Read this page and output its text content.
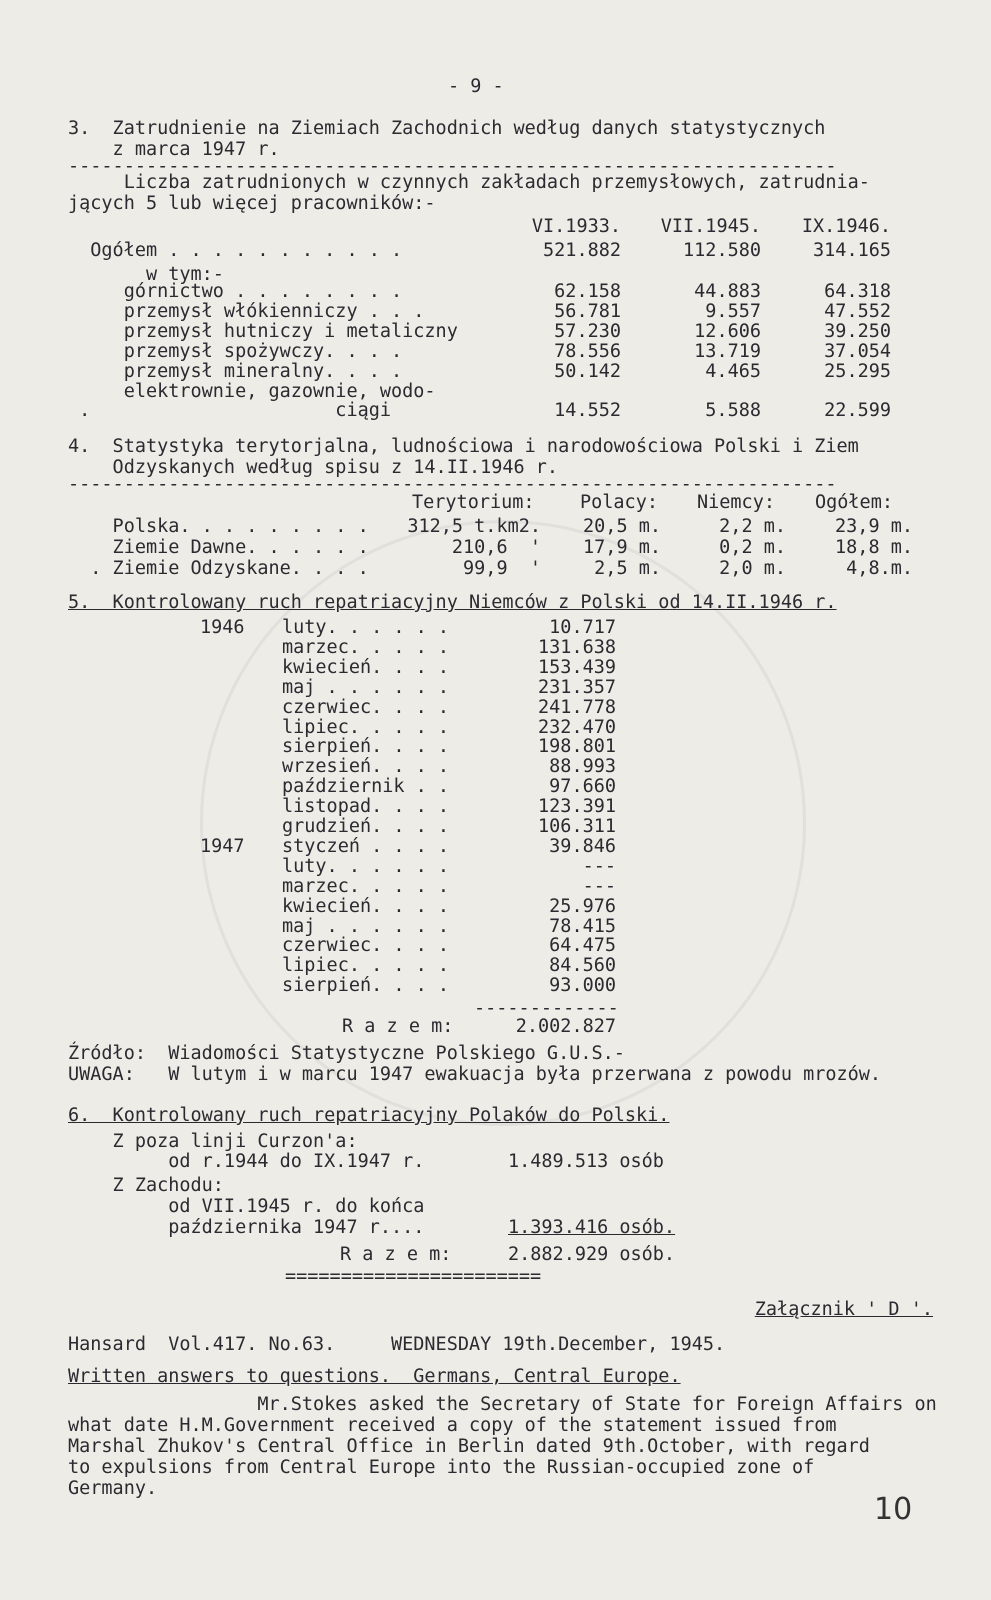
- 9 -
3.  Zatrudnienie na Ziemiach Zachodnich według danych statystycznych
z marca 1947 r.
---------------------------------------------------------------------
Liczba zatrudnionych w czynnych zakładach przemysłowych, zatrudnia-
jących 5 lub więcej pracowników:-
VI.1933. VII.1945. IX.1946.
Ogółem . . . . . . . . . . .	521.882	112.580	314.165
w tym:-
górnictwo . . . . . . . .	62.158	44.883	64.318
przemysł włókienniczy . . .	56.781	9.557	47.552
przemysł hutniczy i metaliczny	57.230	12.606	39.250
przemysł spożywczy. . . .	78.556	13.719	37.054
przemysł mineralny. . . .	50.142	4.465	25.295
elektrownie, gazownie, wodo-
.                      ciągi	14.552	5.588	22.599
4.  Statystyka terytorjalna, ludnościowa i narodowościowa Polski i Ziem
Odzyskanych według spisu z 14.II.1946 r.
---------------------------------------------------------------------
Terytorium: Polacy: Niemcy: Ogółem:
Polska. . . . . . . . . 312,5 t.km2. 20,5 m.	2,2 m.	23,9 m.
Ziemie Dawne. . . . . .	210,6  ' 17,9 m.	0,2 m.	18,8 m.
. Ziemie Odzyskane. . . .	99,9  '	2,5 m.	2,0 m.	4,8.m.
5.  Kontrolowany ruch repatriacyjny Niemców z Polski od 14.II.1946 r.
1946 luty. . . . . .	10.717
marzec. . . . .	131.638
kwiecień. . . .	153.439
maj . . . . . .	231.357
czerwiec. . . .	241.778
lipiec. . . . .	232.470
sierpień. . . .	198.801
wrzesień. . . .	88.993
październik . .	97.660
listopad. . . .	123.391
grudzień. . . .	106.311
1947 styczeń . . . .	39.846
luty. . . . . .	---
marzec. . . . .	---
kwiecień. . . .	25.976
maj . . . . . .	78.415
czerwiec. . . .	64.475
lipiec. . . . .	84.560
sierpień. . . .	93.000
-------------
R a z e m:	2.002.827
Źródło:  Wiadomości Statystyczne Polskiego G.U.S.-
UWAGA:   W lutym i w marcu 1947 ewakuacja była przerwana z powodu mrozów.
6.  Kontrolowany ruch repatriacyjny Polaków do Polski.
Z poza linji Curzon'a:
od r.1944 do IX.1947 r.	1.489.513 osób
Z Zachodu:
od VII.1945 r. do końca
października 1947 r....	1.393.416 osób.
R a z e m:	2.882.929 osób.
=======================
Załącznik ' D '.
Hansard  Vol.417. No.63.     WEDNESDAY 19th.December, 1945.
Written answers to questions.  Germans, Central Europe.
Mr.Stokes asked the Secretary of State for Foreign Affairs on
what date H.M.Government received a copy of the statement issued from
Marshal Zhukov's Central Office in Berlin dated 9th.October, with regard
to expulsions from Central Europe into the Russian-occupied zone of
Germany.
10
